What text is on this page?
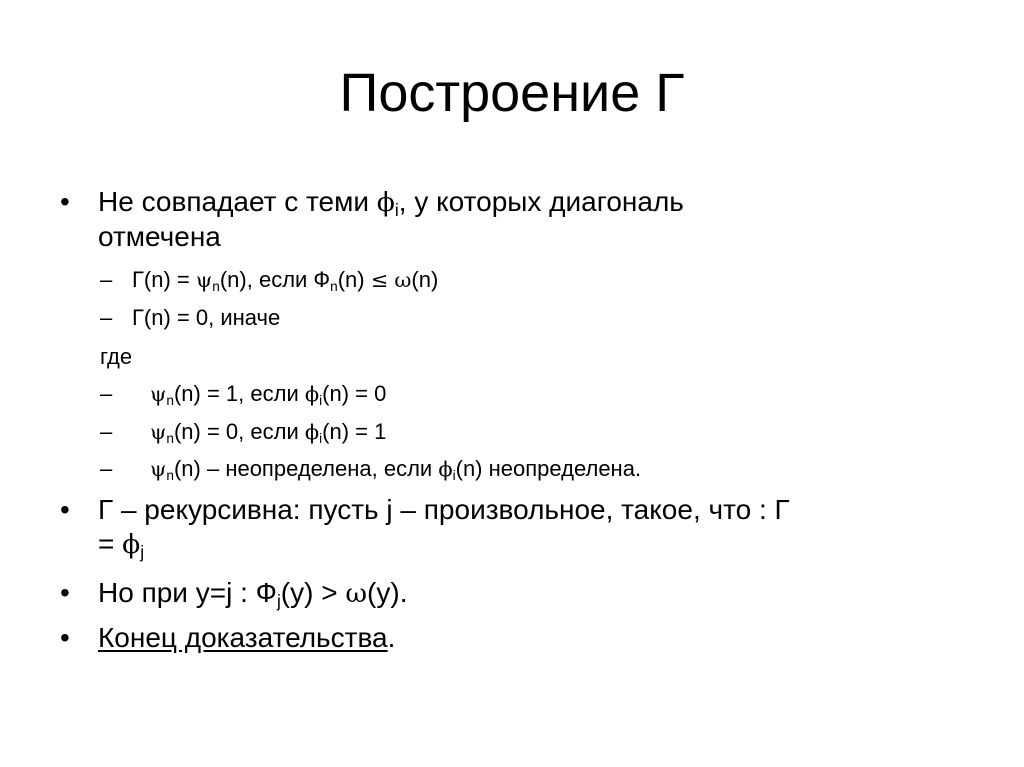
Построение Г
• Не совпадает с теми $\phi_i$, у которых диагональ
отмечена
– $Г(n) = \psi_n(n)$, если $Ф_n(n) \le \omega(n)$
– Г(n) = 0, иначе
где
– $\psi_n(n) = 1$, если $\phi_i(n) = 0$
– $\psi_n(n) = 0$, если $\phi_i(n) = 1$
– $\psi_n(n)$ – неопределена, если $\phi_i(n)$ неопределена.
• Г – рекурсивна: пусть j – произвольное, такое, что : Г
= $\phi_j$
• Но при y=j : $Ф_j(y) > \omega(y)$.
• Конец доказательства.
